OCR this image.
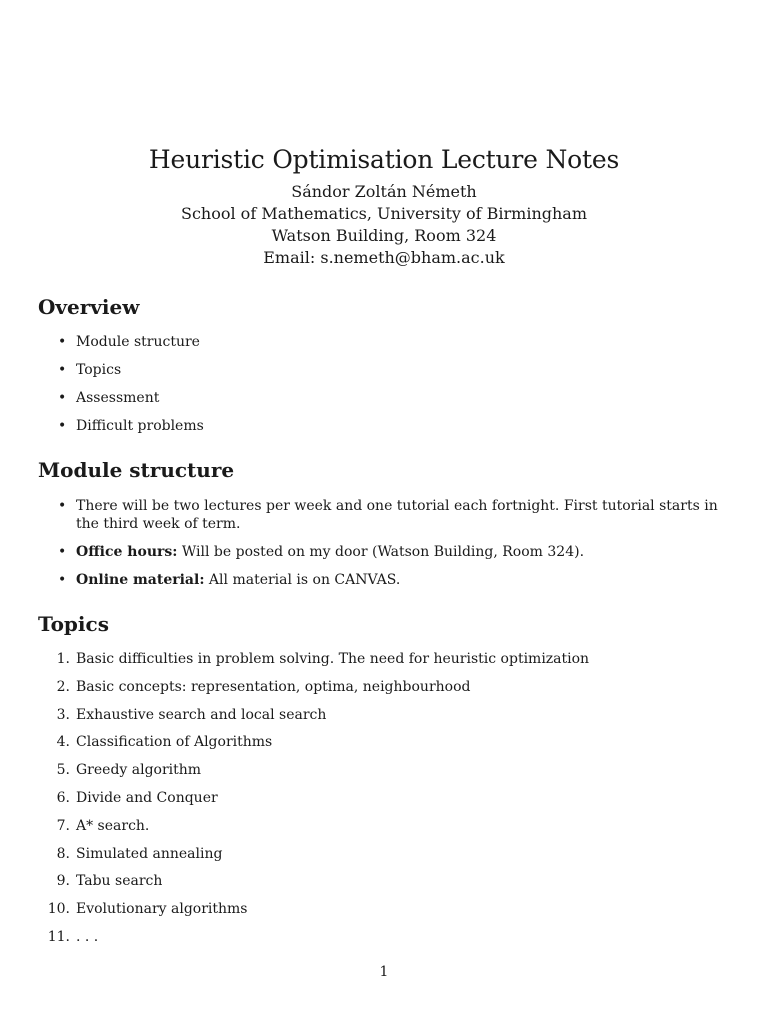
Heuristic Optimisation Lecture Notes
Sándor Zoltán Németh
School of Mathematics, University of Birmingham
Watson Building, Room 324
Email: s.nemeth@bham.ac.uk
Overview
• Module structure
• Topics
• Assessment
• Difficult problems
Module structure
• There will be two lectures per week and one tutorial each fortnight. First tutorial starts in the third week of term.
• Office hours: Will be posted on my door (Watson Building, Room 324).
• Online material: All material is on CANVAS.
Topics
1. Basic difficulties in problem solving. The need for heuristic optimization
2. Basic concepts: representation, optima, neighbourhood
3. Exhaustive search and local search
4. Classification of Algorithms
5. Greedy algorithm
6. Divide and Conquer
7. A* search.
8. Simulated annealing
9. Tabu search
10. Evolutionary algorithms
11. . . .
1
